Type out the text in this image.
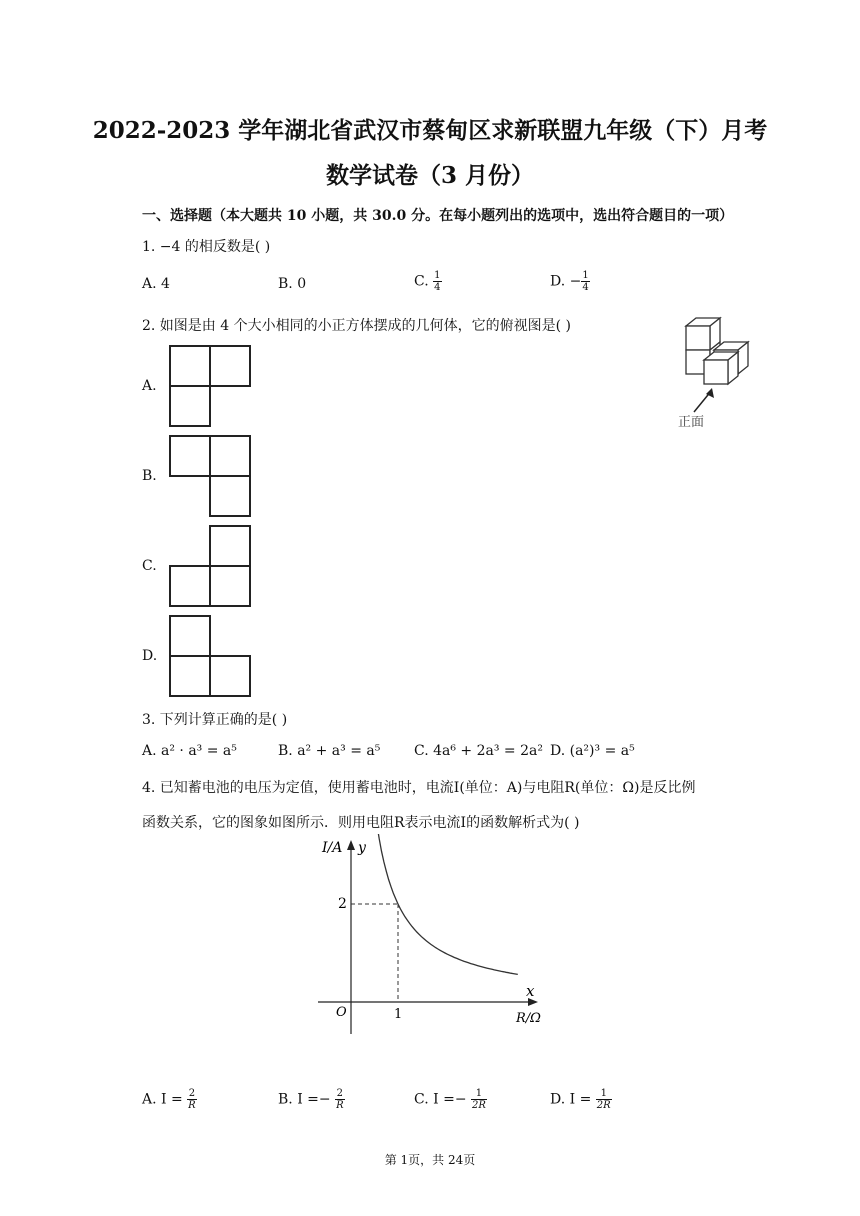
2022-2023 学年湖北省武汉市蔡甸区求新联盟九年级（下）月考
数学试卷（3 月份）
一、选择题（本大题共 10 小题，共 30.0 分。在每小题列出的选项中，选出符合题目的一项）
1. −4 的相反数是( )
A. 4	B. 0	C. $\frac{1}{4}$	D. − $\frac{1}{4}$
2. 如图是由 4 个大小相同的小正方体摆成的几何体，它的俯视图是( )
正面
A.
B.
C.
D.
3. 下列计算正确的是( )
A. a² · a³ = a⁵	B. a² + a³ = a⁵ C. 4a⁶ + 2a³ = 2a² D. (a²)³ = a⁵
4. 已知蓄电池的电压为定值，使用蓄电池时，电流I(单位：A)与电阻R(单位：Ω)是反比例
函数关系，它的图象如图所示．则用电阻R表示电流I的函数解析式为( )
I/A y
x
R/Ω
O
2
1
A. $I = \frac{2}{R}$	B. $I =- \frac{2}{R}$	C. $I =- \frac{1}{2R}$	D. $I = \frac{1}{2R}$
第 1页，共 24页
